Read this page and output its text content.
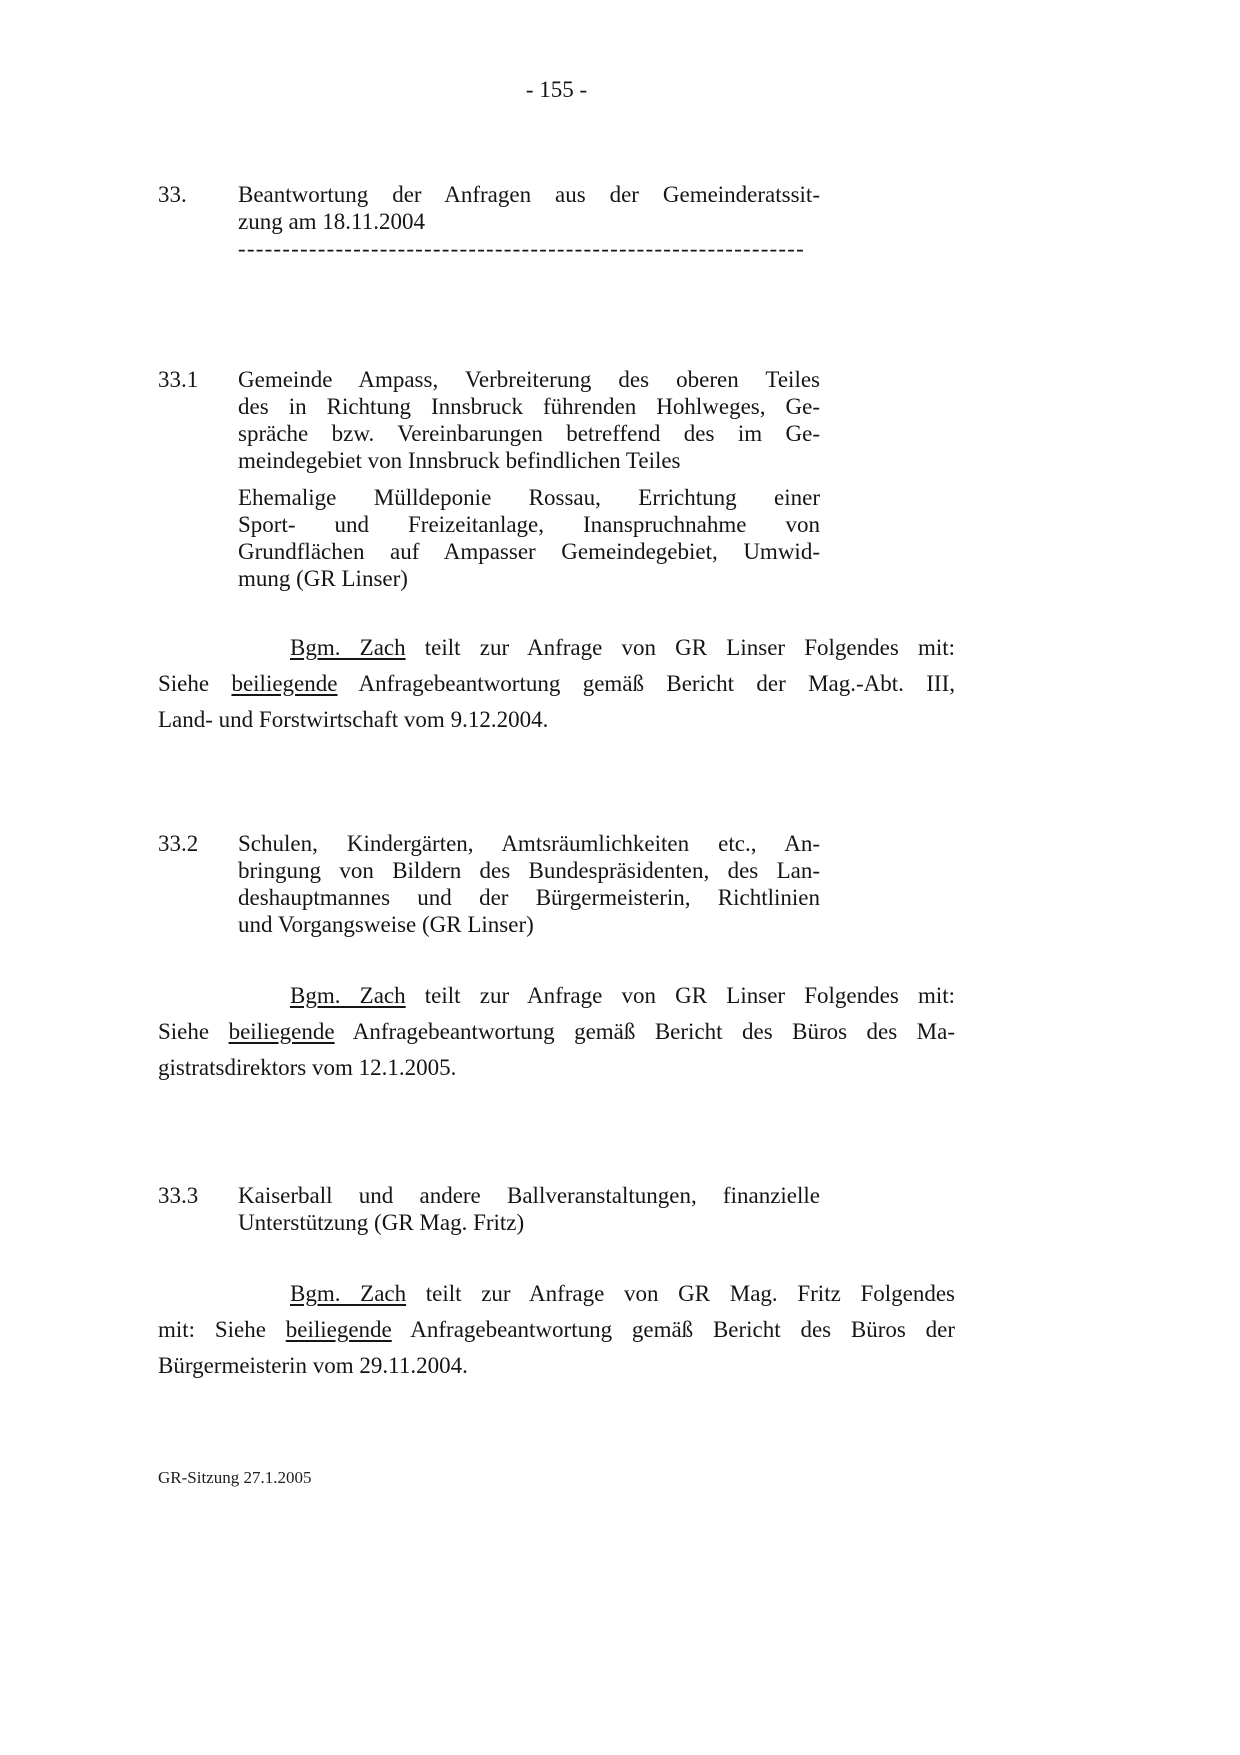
- 155 -
33.	Beantwortung der Anfragen aus der Gemeinderatssit-
zung am 18.11.2004
----------------------------------------------------------------
33.1	Gemeinde Ampass, Verbreiterung des oberen Teiles
des in Richtung Innsbruck führenden Hohlweges, Ge-
spräche bzw. Vereinbarungen betreffend des im Ge-
meindegebiet von Innsbruck befindlichen Teiles
Ehemalige Mülldeponie Rossau, Errichtung einer
Sport- und Freizeitanlage, Inanspruchnahme von
Grundflächen auf Ampasser Gemeindegebiet, Umwid-
mung (GR Linser)
Bgm. Zach teilt zur Anfrage von GR Linser Folgendes mit:
Siehe beiliegende Anfragebeantwortung gemäß Bericht der Mag.-Abt. III,
Land- und Forstwirtschaft vom 9.12.2004.
33.2	Schulen, Kindergärten, Amtsräumlichkeiten etc., An-
bringung von Bildern des Bundespräsidenten, des Lan-
deshauptmannes und der Bürgermeisterin, Richtlinien
und Vorgangsweise (GR Linser)
Bgm. Zach teilt zur Anfrage von GR Linser Folgendes mit:
Siehe beiliegende Anfragebeantwortung gemäß Bericht des Büros des Ma-
gistratsdirektors vom 12.1.2005.
33.3	Kaiserball und andere Ballveranstaltungen, finanzielle
Unterstützung (GR Mag. Fritz)
Bgm. Zach teilt zur Anfrage von GR Mag. Fritz Folgendes
mit: Siehe beiliegende Anfragebeantwortung gemäß Bericht des Büros der
Bürgermeisterin vom 29.11.2004.
GR-Sitzung 27.1.2005
